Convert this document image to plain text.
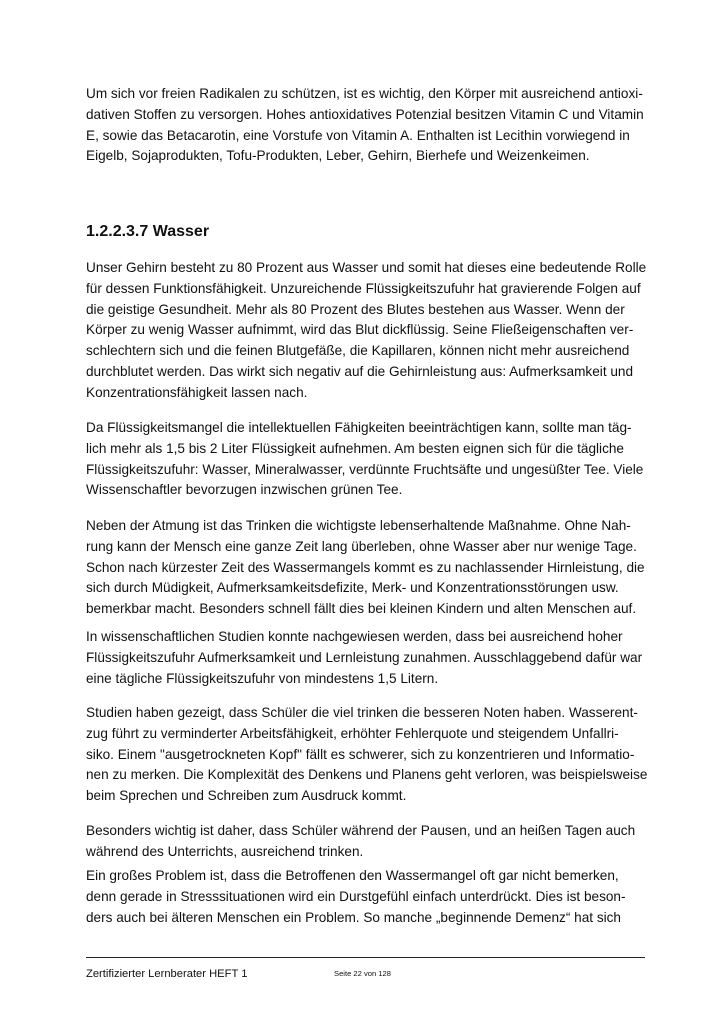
Um sich vor freien Radikalen zu schützen, ist es wichtig, den Körper mit ausreichend antioxi-
dativen Stoffen zu versorgen. Hohes antioxidatives Potenzial besitzen Vitamin C und Vitamin
E, sowie das Betacarotin, eine Vorstufe von Vitamin A. Enthalten ist Lecithin vorwiegend in
Eigelb, Sojaprodukten, Tofu-Produkten, Leber, Gehirn, Bierhefe und Weizenkeimen.

1.2.2.3.7 Wasser

Unser Gehirn besteht zu 80 Prozent aus Wasser und somit hat dieses eine bedeutende Rolle
für dessen Funktionsfähigkeit. Unzureichende Flüssigkeitszufuhr hat gravierende Folgen auf
die geistige Gesundheit. Mehr als 80 Prozent des Blutes bestehen aus Wasser. Wenn der
Körper zu wenig Wasser aufnimmt, wird das Blut dickflüssig. Seine Fließeigenschaften ver-
schlechtern sich und die feinen Blutgefäße, die Kapillaren, können nicht mehr ausreichend
durchblutet werden. Das wirkt sich negativ auf die Gehirnleistung aus: Aufmerksamkeit und
Konzentrationsfähigkeit lassen nach.

Da Flüssigkeitsmangel die intellektuellen Fähigkeiten beeinträchtigen kann, sollte man täg-
lich mehr als 1,5 bis 2 Liter Flüssigkeit aufnehmen. Am besten eignen sich für die tägliche
Flüssigkeitszufuhr: Wasser, Mineralwasser, verdünnte Fruchtsäfte und ungesüßter Tee. Viele
Wissenschaftler bevorzugen inzwischen grünen Tee.

Neben der Atmung ist das Trinken die wichtigste lebenserhaltende Maßnahme. Ohne Nah-
rung kann der Mensch eine ganze Zeit lang überleben, ohne Wasser aber nur wenige Tage.
Schon nach kürzester Zeit des Wassermangels kommt es zu nachlassender Hirnleistung, die
sich durch Müdigkeit, Aufmerksamkeitsdefizite, Merk- und Konzentrationsstörungen usw.
bemerkbar macht. Besonders schnell fällt dies bei kleinen Kindern und alten Menschen auf.

In wissenschaftlichen Studien konnte nachgewiesen werden, dass bei ausreichend hoher
Flüssigkeitszufuhr Aufmerksamkeit und Lernleistung zunahmen. Ausschlaggebend dafür war
eine tägliche Flüssigkeitszufuhr von mindestens 1,5 Litern.

Studien haben gezeigt, dass Schüler die viel trinken die besseren Noten haben. Wasserent-
zug führt zu verminderter Arbeitsfähigkeit, erhöhter Fehlerquote und steigendem Unfallri-
siko. Einem "ausgetrockneten Kopf" fällt es schwerer, sich zu konzentrieren und Informatio-
nen zu merken. Die Komplexität des Denkens und Planens geht verloren, was beispielsweise
beim Sprechen und Schreiben zum Ausdruck kommt.

Besonders wichtig ist daher, dass Schüler während der Pausen, und an heißen Tagen auch
während des Unterrichts, ausreichend trinken.

Ein großes Problem ist, dass die Betroffenen den Wassermangel oft gar nicht bemerken,
denn gerade in Stresssituationen wird ein Durstgefühl einfach unterdrückt. Dies ist beson-
ders auch bei älteren Menschen ein Problem. So manche „beginnende Demenz“ hat sich

Zertifizierter Lernberater HEFT 1	Seite 22 von 128
